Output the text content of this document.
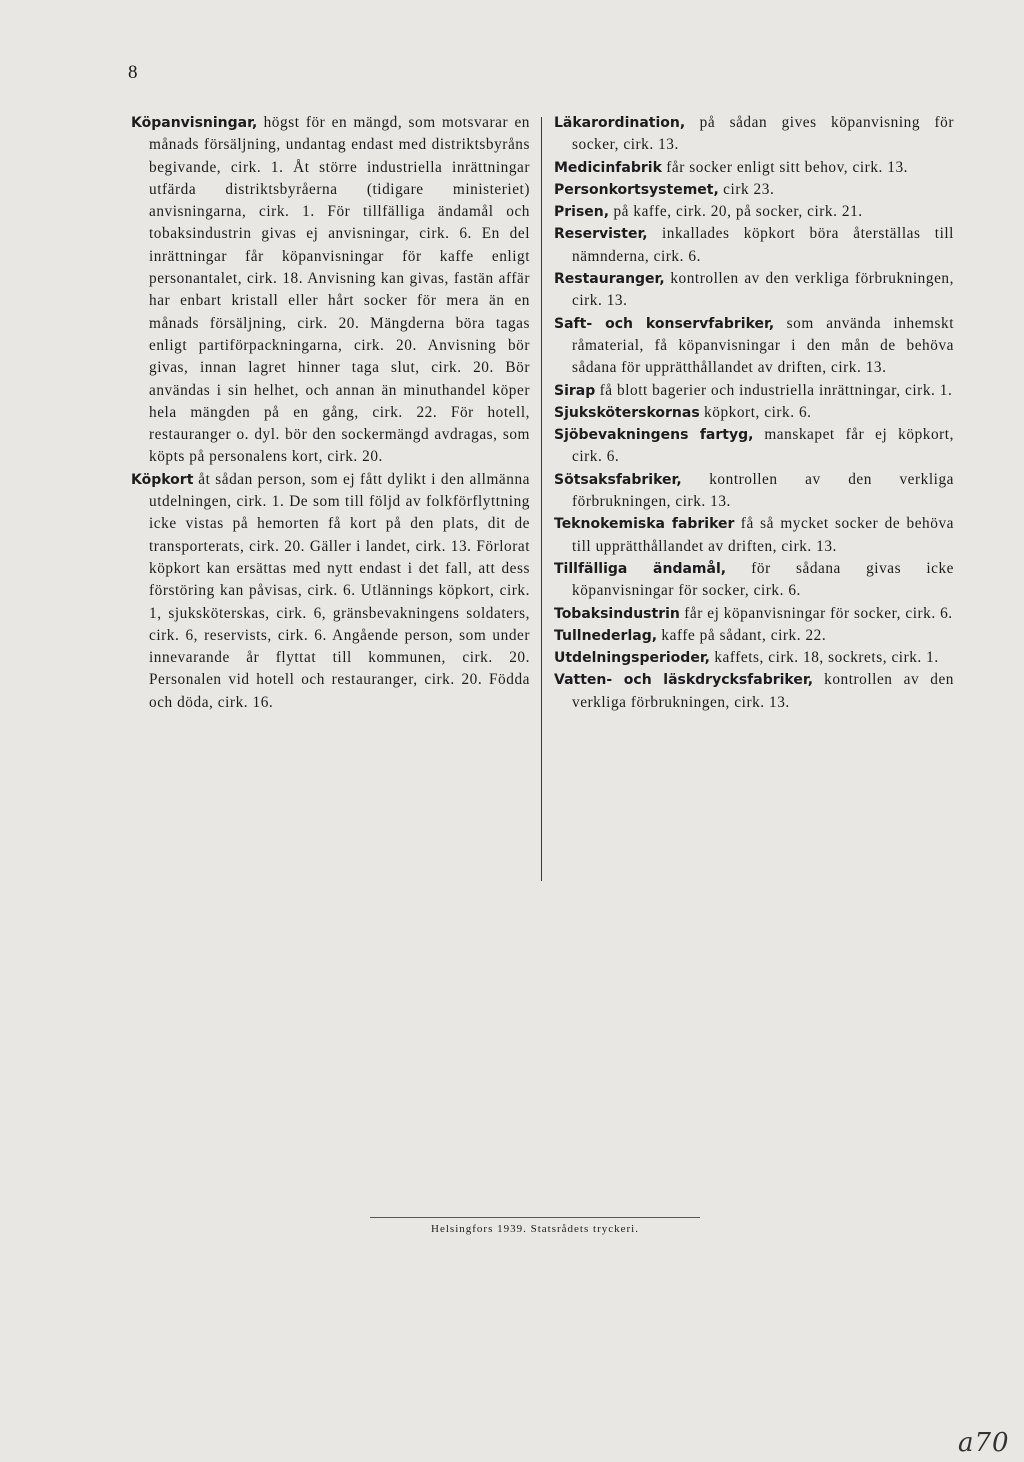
8

Köpanvisningar, högst för en mängd, som motsvarar en månads försäljning, undantag endast med distriktsbyråns begivande, cirk. 1. Åt större industriella inrättningar utfärda distriktsbyråerna (tidigare ministeriet) anvisningarna, cirk. 1. För tillfälliga ändamål och tobaksindustrin givas ej anvisningar, cirk. 6. En del inrättningar får köpanvisningar för kaffe enligt personantalet, cirk. 18. Anvisning kan givas, fastän affär har enbart kristall eller hårt socker för mera än en månads försäljning, cirk. 20. Mängderna böra tagas enligt partiförpackningarna, cirk. 20. Anvisning bör givas, innan lagret hinner taga slut, cirk. 20. Bör användas i sin helhet, och annan än minuthandel köper hela mängden på en gång, cirk. 22. För hotell, restauranger o. dyl. bör den sockermängd avdragas, som köpts på personalens kort, cirk. 20.

Köpkort åt sådan person, som ej fått dylikt i den allmänna utdelningen, cirk. 1. De som till följd av folkförflyttning icke vistas på hemorten få kort på den plats, dit de transporterats, cirk. 20. Gäller i landet, cirk. 13. Förlorat köpkort kan ersättas med nytt endast i det fall, att dess förstöring kan påvisas, cirk. 6. Utlännings köpkort, cirk. 1, sjuksköterskas, cirk. 6, gränsbevakningens soldaters, cirk. 6, reservists, cirk. 6. Angående person, som under innevarande år flyttat till kommunen, cirk. 20. Personalen vid hotell och restauranger, cirk. 20. Födda och döda, cirk. 16.

Läkarordination, på sådan gives köpanvisning för socker, cirk. 13.

Medicinfabrik får socker enligt sitt behov, cirk. 13.

Personkortsystemet, cirk 23.

Prisen, på kaffe, cirk. 20, på socker, cirk. 21.

Reservister, inkallades köpkort böra återställas till nämnderna, cirk. 6.

Restauranger, kontrollen av den verkliga förbrukningen, cirk. 13.

Saft- och konservfabriker, som använda inhemskt råmaterial, få köpanvisningar i den mån de behöva sådana för upprätthållandet av driften, cirk. 13.

Sirap få blott bagerier och industriella inrättningar, cirk. 1.

Sjuksköterskornas köpkort, cirk. 6.

Sjöbevakningens fartyg, manskapet får ej köpkort, cirk. 6.

Sötsaksfabriker, kontrollen av den verkliga förbrukningen, cirk. 13.

Teknokemiska fabriker få så mycket socker de behöva till upprätthållandet av driften, cirk. 13.

Tillfälliga ändamål, för sådana givas icke köpanvisningar för socker, cirk. 6.

Tobaksindustrin får ej köpanvisningar för socker, cirk. 6.

Tullnederlag, kaffe på sådant, cirk. 22.

Utdelningsperioder, kaffets, cirk. 18, sockrets, cirk. 1.

Vatten- och läskdrycksfabriker, kontrollen av den verkliga förbrukningen, cirk. 13.

Helsingfors 1939. Statsrådets tryckeri.
a70
